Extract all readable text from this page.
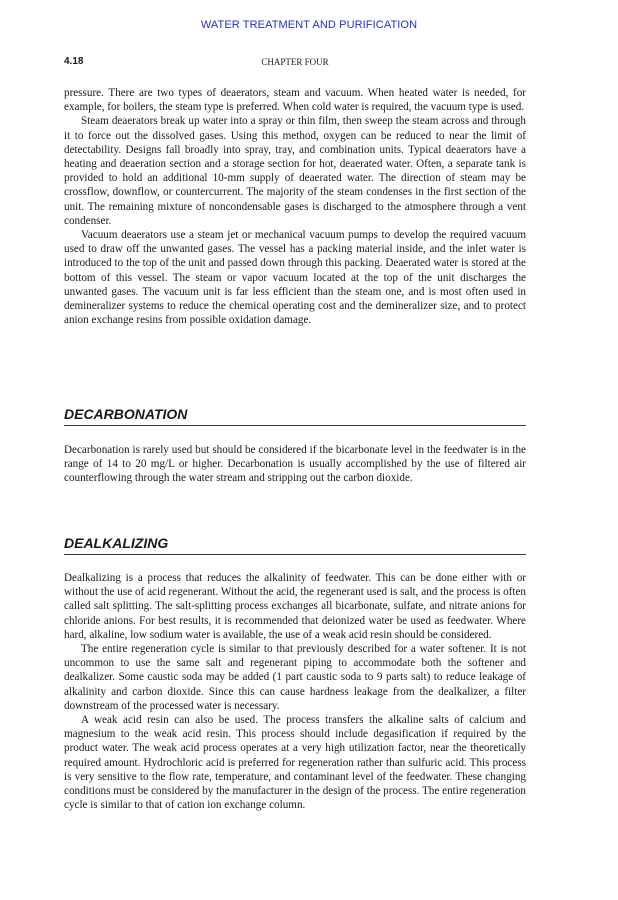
WATER TREATMENT AND PURIFICATION
4.18	CHAPTER FOUR

pressure. There are two types of deaerators, steam and vacuum. When heated water is needed, for example, for boilers, the steam type is preferred. When cold water is required, the vacuum type is used.

Steam deaerators break up water into a spray or thin film, then sweep the steam across and through it to force out the dissolved gases. Using this method, oxygen can be reduced to near the limit of detectability. Designs fall broadly into spray, tray, and combination units. Typical deaerators have a heating and deaeration section and a storage section for hot, deaerated water. Often, a separate tank is provided to hold an additional 10-mm supply of deaerated water. The direction of steam may be crossflow, downflow, or countercurrent. The majority of the steam condenses in the first section of the unit. The remaining mixture of noncondensable gases is discharged to the atmosphere through a vent condenser.

Vacuum deaerators use a steam jet or mechanical vacuum pumps to develop the required vacuum used to draw off the unwanted gases. The vessel has a packing material inside, and the inlet water is introduced to the top of the unit and passed down through this packing. Deaerated water is stored at the bottom of this vessel. The steam or vapor vacuum located at the top of the unit discharges the unwanted gases. The vacuum unit is far less efficient than the steam one, and is most often used in demineralizer systems to reduce the chemical operating cost and the demineralizer size, and to protect anion exchange resins from possible oxidation damage.

DECARBONATION

Decarbonation is rarely used but should be considered if the bicarbonate level in the feedwater is in the range of 14 to 20 mg/L or higher. Decarbonation is usually accomplished by the use of filtered air counterflowing through the water stream and stripping out the carbon dioxide.

DEALKALIZING

Dealkalizing is a process that reduces the alkalinity of feedwater. This can be done either with or without the use of acid regenerant. Without the acid, the regenerant used is salt, and the process is often called salt splitting. The salt-splitting process exchanges all bicarbonate, sulfate, and nitrate anions for chloride anions. For best results, it is recommended that deionized water be used as feedwater. Where hard, alkaline, low sodium water is available, the use of a weak acid resin should be considered.

The entire regeneration cycle is similar to that previously described for a water softener. It is not uncommon to use the same salt and regenerant piping to accommodate both the softener and dealkalizer. Some caustic soda may be added (1 part caustic soda to 9 parts salt) to reduce leakage of alkalinity and carbon dioxide. Since this can cause hardness leakage from the dealkalizer, a filter downstream of the processed water is necessary.

A weak acid resin can also be used. The process transfers the alkaline salts of calcium and magnesium to the weak acid resin. This process should include degasification if required by the product water. The weak acid process operates at a very high utilization factor, near the theoretically required amount. Hydrochloric acid is preferred for regeneration rather than sulfuric acid. This process is very sensitive to the flow rate, temperature, and contaminant level of the feedwater. These changing conditions must be considered by the manufacturer in the design of the process. The entire regeneration cycle is similar to that of cation ion exchange column.
